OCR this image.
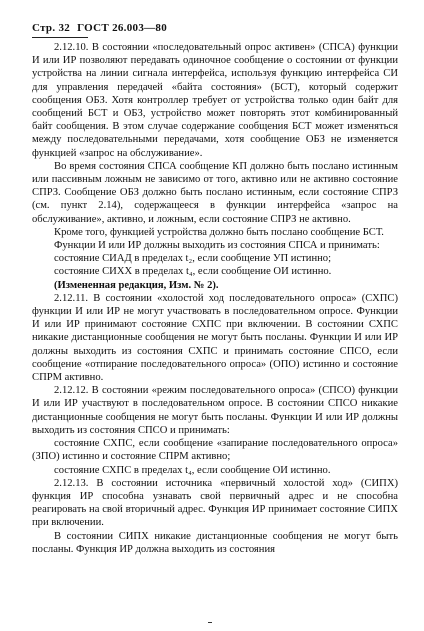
Стр. 32 ГОСТ 26.003—80

2.12.10. В состоянии «последовательный опрос активен» (СПСА) функции И или ИР позволяют передавать одиночное сообщение о состоянии от функции устройства на линии сигнала интерфейса, используя функцию интерфейса СИ для управления передачей «байта состояния» (БСТ), который содержит сообщения ОБЗ. Хотя контроллер требует от устройства только один байт для сообщений БСТ и ОБЗ, устройство может повторять этот комбинированный байт сообщения. В этом случае содержание сообщения БСТ может изменяться между последовательными передачами, хотя сообщение ОБЗ не изменяется функцией «запрос на обслуживание».

Во время состояния СПСА сообщение КП должно быть послано истинным или пассивным ложным не зависимо от того, активно или не активно состояние СПРЗ. Сообщение ОБЗ должно быть послано истинным, если состояние СПРЗ (см. пункт 2.14), содержащееся в функции интерфейса «запрос на обслуживание», активно, и ложным, если состояние СПРЗ не активно.

Кроме того, функцией устройства должно быть послано сообщение БСТ.

Функции И или ИР должны выходить из состояния СПСА и принимать:

состояние СИАД в пределах t₂, если сообщение УП истинно;

состояние СИХХ в пределах t₄, если сообщение ОИ истинно.

(Измененная редакция, Изм. № 2).

2.12.11. В состоянии «холостой ход последовательного опроса» (СХПС) функции И или ИР не могут участвовать в последовательном опросе. Функции И или ИР принимают состояние СХПС при включении. В состоянии СХПС никакие дистанционные сообщения не могут быть посланы. Функции И или ИР должны выходить из состояния СХПС и принимать состояние СПСО, если сообщение «отпирание последовательного опроса» (ОПО) истинно и состояние СПРМ активно.

2.12.12. В состоянии «режим последовательного опроса» (СПСО) функции И или ИР участвуют в последовательном опросе. В состоянии СПСО никакие дистанционные сообщения не могут быть посланы. Функции И или ИР должны выходить из состояния СПСО и принимать:

состояние СХПС, если сообщение «запирание последовательного опроса» (ЗПО) истинно и состояние СПРМ активно;

состояние СХПС в пределах t₄, если сообщение ОИ истинно.

2.12.13. В состоянии источника «первичный холостой ход» (СИПХ) функция ИР способна узнавать свой первичный адрес и не способна реагировать на свой вторичный адрес. Функция ИР принимает состояние СИПХ при включении.

В состоянии СИПХ никакие дистанционные сообщения не могут быть посланы. Функция ИР должна выходить из состояния
